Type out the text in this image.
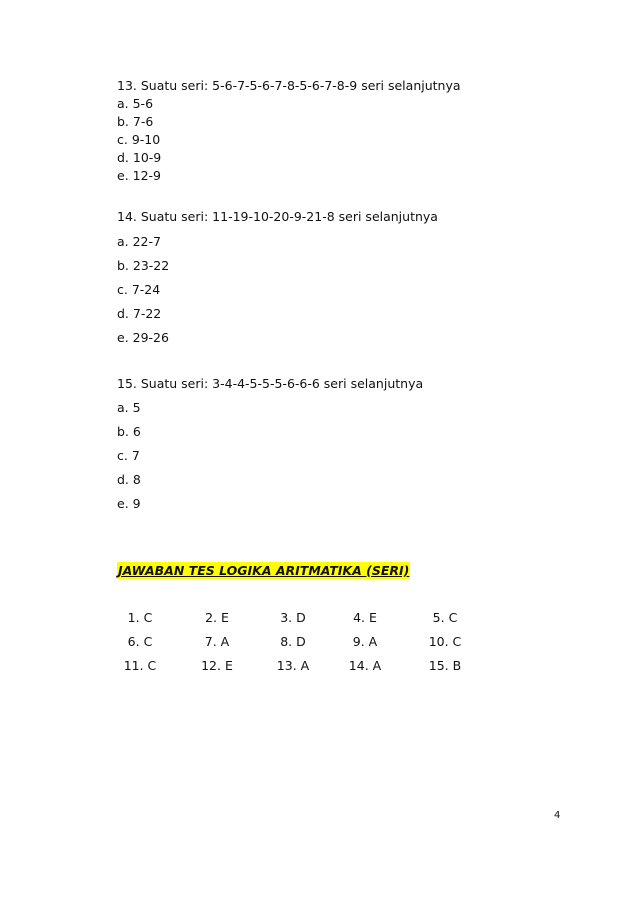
13. Suatu seri: 5-6-7-5-6-7-8-5-6-7-8-9 seri selanjutnya
a. 5-6
b. 7-6
c. 9-10
d. 10-9
e. 12-9
14. Suatu seri: 11-19-10-20-9-21-8 seri selanjutnya
a. 22-7
b. 23-22
c. 7-24
d. 7-22
e. 29-26
15. Suatu seri: 3-4-4-5-5-5-6-6-6 seri selanjutnya
a. 5
b. 6
c. 7
d. 8
e. 9
JAWABAN TES LOGIKA ARITMATIKA (SERI)
1. C	2. E	3. D	4. E	5. C
6. C	7. A	8. D	9. A	10. C
11. C	12. E	13. A	14. A	15. B
4
